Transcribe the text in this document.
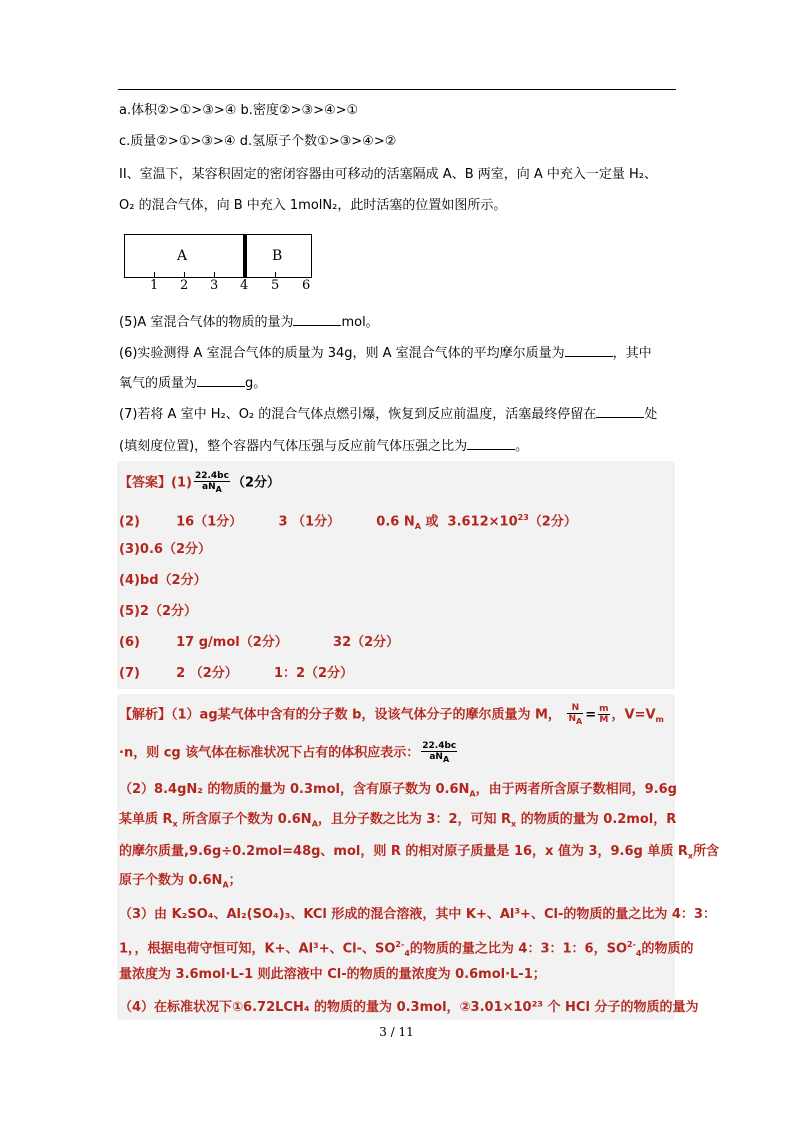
a.体积②>①>③>④ b.密度②>③>④>①
c.质量②>①>③>④ d.氢原子个数①>③>④>②
II、室温下，某容积固定的密闭容器由可移动的活塞隔成 A、B 两室，向 A 中充入一定量 H₂、
O₂ 的混合气体，向 B 中充入 1molN₂，此时活塞的位置如图所示。
A	B
1 2 3 4 5 6
(5)A 室混合气体的物质的量为	mol。
(6)实验测得 A 室混合气体的质量为 34g，则 A 室混合气体的平均摩尔质量为	，其中
氧气的质量为	g。
(7)若将 A 室中 H₂、O₂ 的混合气体点燃引爆，恢复到反应前温度，活塞最终停留在	处
(填刻度位置)，整个容器内气体压强与反应前气体压强之比为	。
【答案】$(1) \frac{22.4bc}{aN_A} (2$分）
(2)        16（1分）        3 （1分）        0.6 $N_A$ 或  $3.612\times 10^{23}(2$分）
(3)0.6（2分）
(4)bd（2分）
(5)2（2分）
(6)        17 g/mol（2分）          32（2分）
(7)        2 （2分）        1：2（2分）
【解析】（1）ag某气体中含有的分子数 b，设该气体分子的摩尔质量为 M， $\frac{N}{N_A} = \frac{m}{M}$ ，$V=V_m$
·n，则 cg 该气体在标准状况下占有的体积应表示： $\frac{22.4bc}{aN_A}$
（2）8.4gN₂ 的物质的量为 0.3mol，含有原子数为 $0.6N_A$，由于两者所含原子数相同，9.6g
某单质 $R_x$ 所含原子个数为 $0.6N_A$，且分子数之比为 3：2，可知 $R_x$ 的物质的量为 0.2mol，R
的摩尔质量,9.6g÷0.2mol=48g、mol，则 R 的相对原子质量是 16，x 值为 3，9.6g 单质 $R_x$所含
原子个数为 $0.6N_A$；
（3）由 K₂SO₄、Al₂(SO₄)₃、KCl 形成的混合溶液，其中 K+、Al³+、Cl-的物质的量之比为 4：3：
1，，根据电荷守恒可知，K+、Al³+、Cl-、$SO^{2-}_4$的物质的量之比为 4：3：1：6，$SO^{2-}_4$的物质的
量浓度为 3.6mol·L-1 则此溶液中 Cl-的物质的量浓度为 0.6mol·L-1；
（4）在标准状况下①6.72LCH₄ 的物质的量为 0.3mol，②3.01×10²³ 个 HCl 分子的物质的量为
3 / 11
